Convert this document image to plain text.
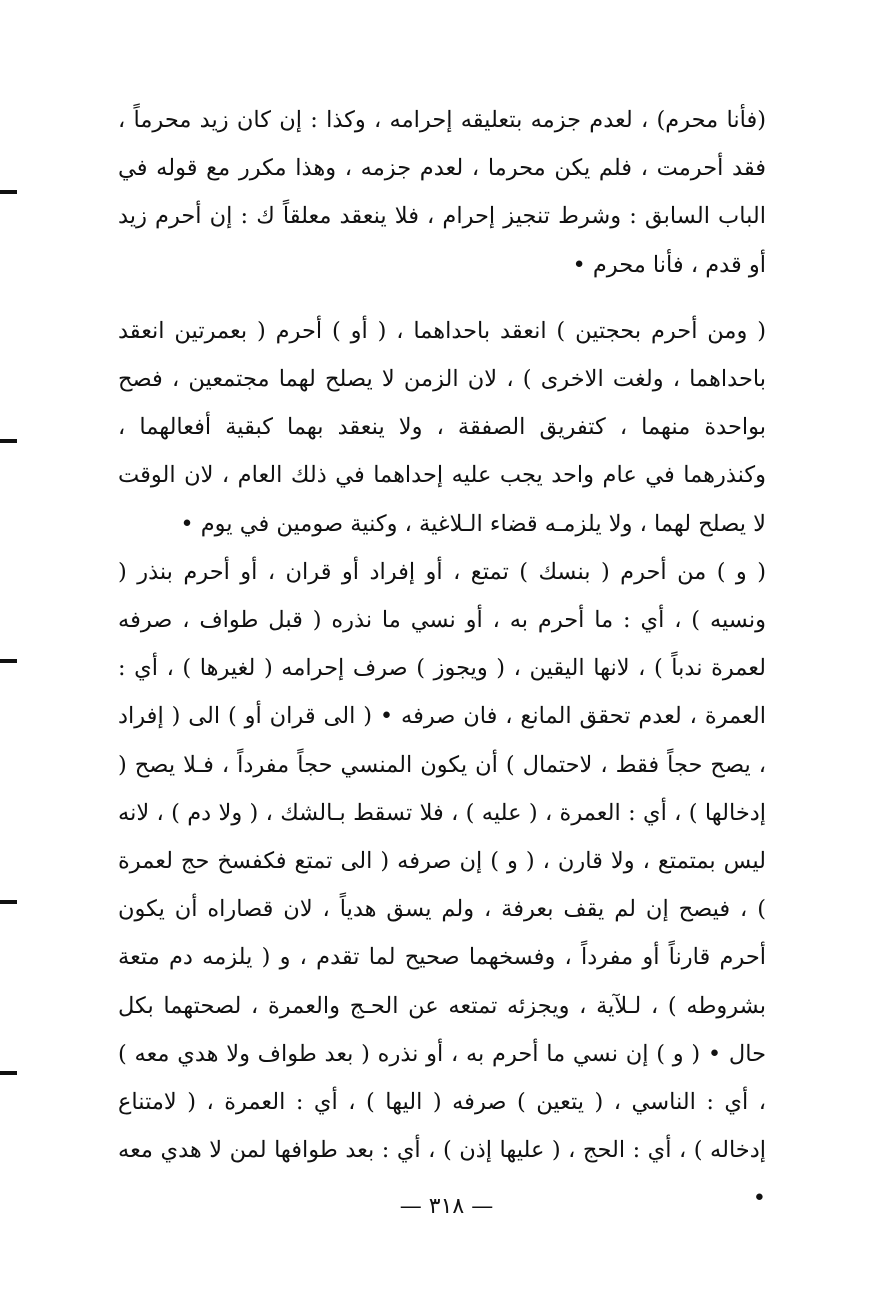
(فأنا محرم) ، لعدم جزمه بتعليقه إحرامه ، وكذا : إن كان زيد محرماً ، فقد أحرمت ، فلم يكن محرما ، لعدم جزمه ، وهذا مكرر مع قوله في الباب السابق : وشرط تنجيز إحرام ، فلا ينعقد معلقاً ك : إن أحرم زيد أو قدم ، فأنا محرم •

( ومن أحرم بحجتين ) انعقد باحداهما ، ( أو ) أحرم ( بعمرتين انعقد باحداهما ، ولغت الاخرى ) ، لان الزمن لا يصلح لهما مجتمعين ، فصح بواحدة منهما ، كتفريق الصفقة ، ولا ينعقد بهما كبقية أفعالهما ، وكنذرهما في عام واحد يجب عليه إحداهما في ذلك العام ، لان الوقت لا يصلح لهما ، ولا يلزمـه قضاء الـلاغية ، وكنية صومين في يوم •

( و ) من أحرم ( بنسك ) تمتع ، أو إفراد أو قران ، أو أحرم بنذر ( ونسيه ) ، أي : ما أحرم به ، أو نسي ما نذره ( قبل طواف ، صرفه لعمرة ندباً ) ، لانها اليقين ، ( ويجوز ) صرف إحرامه ( لغيرها ) ، أي : العمرة ، لعدم تحقق المانع ، فان صرفه • ( الى قران أو ) الى ( إفراد ، يصح حجاً فقط ، لاحتمال ) أن يكون المنسي حجاً مفرداً ، فـلا يصح ( إدخالها ) ، أي : العمرة ، ( عليه ) ، فلا تسقط بـالشك ، ( ولا دم ) ، لانه ليس بمتمتع ، ولا قارن ، ( و ) إن صرفه ( الى تمتع فكفسخ حج لعمرة ) ، فيصح إن لم يقف بعرفة ، ولم يسق هدياً ، لان قصاراه أن يكون أحرم قارناً أو مفرداً ، وفسخهما صحيح لما تقدم ، و ( يلزمه دم متعة بشروطه ) ، لـلآية ، ويجزئه تمتعه عن الحـج والعمرة ، لصحتهما بكل حال • ( و ) إن نسي ما أحرم به ، أو نذره ( بعد طواف ولا هدي معه ) ، أي : الناسي ، ( يتعين ) صرفه ( اليها ) ، أي : العمرة ، ( لامتناع إدخاله ) ، أي : الحج ، ( عليها إذن ) ، أي : بعد طوافها لمن لا هدي معه •

— ٣١٨ —
